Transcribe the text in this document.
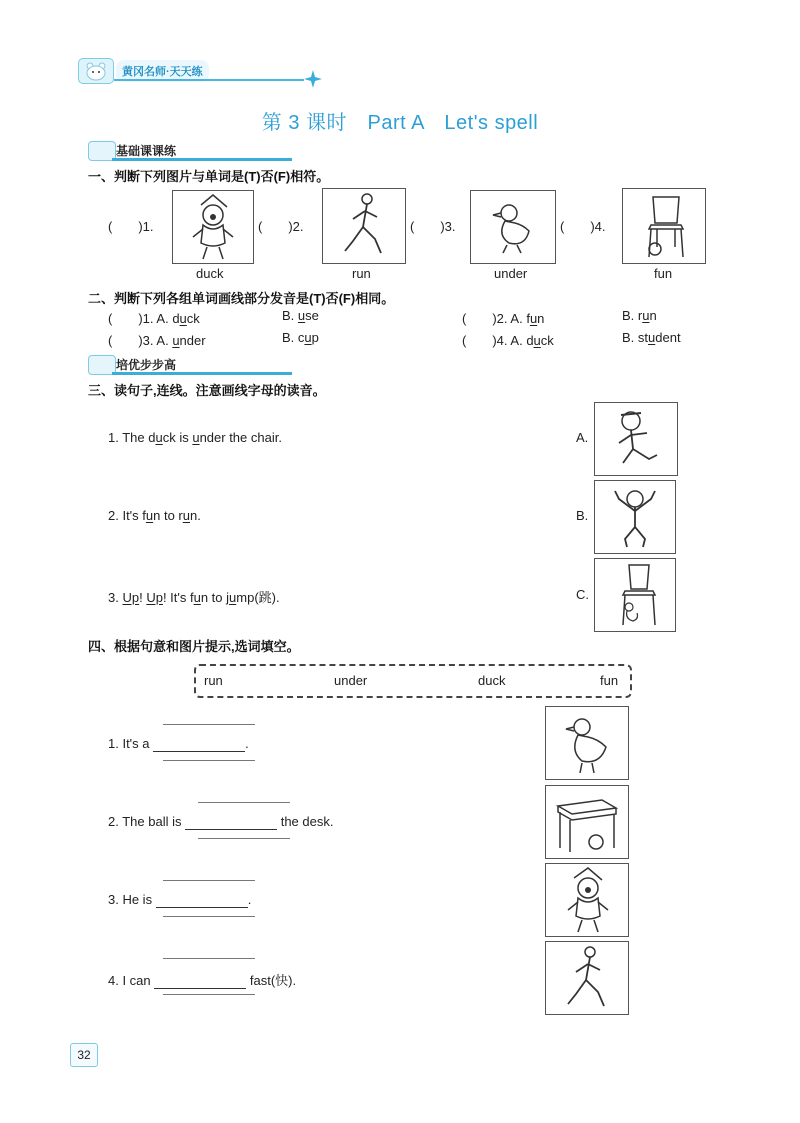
黄冈名师·天天练
第 3 课时　Part A　Let's spell
基础课课练
一、判断下列图片与单词是(T)否(F)相符。
(　　)1.
duck
(　　)2.
run
(　　)3.
under
(　　)4.
fun
二、判断下列各组单词画线部分发音是(T)否(F)相同。
(　　)1. A. duck	B. use	(　　)2. A. fun	B. run
(　　)3. A. under	B. cup	(　　)4. A. duck	B. student
培优步步高
三、读句子,连线。注意画线字母的读音。
1. The duck is under the chair.
2. It's fun to run.
3. Up! Up! It's fun to jump(跳).
A.
B.
C.
四、根据句意和图片提示,选词填空。
run	under	duck	fun
1. It's a	.
2. The ball is	the desk.
3. He is	.
4. I can	fast(快).
32
